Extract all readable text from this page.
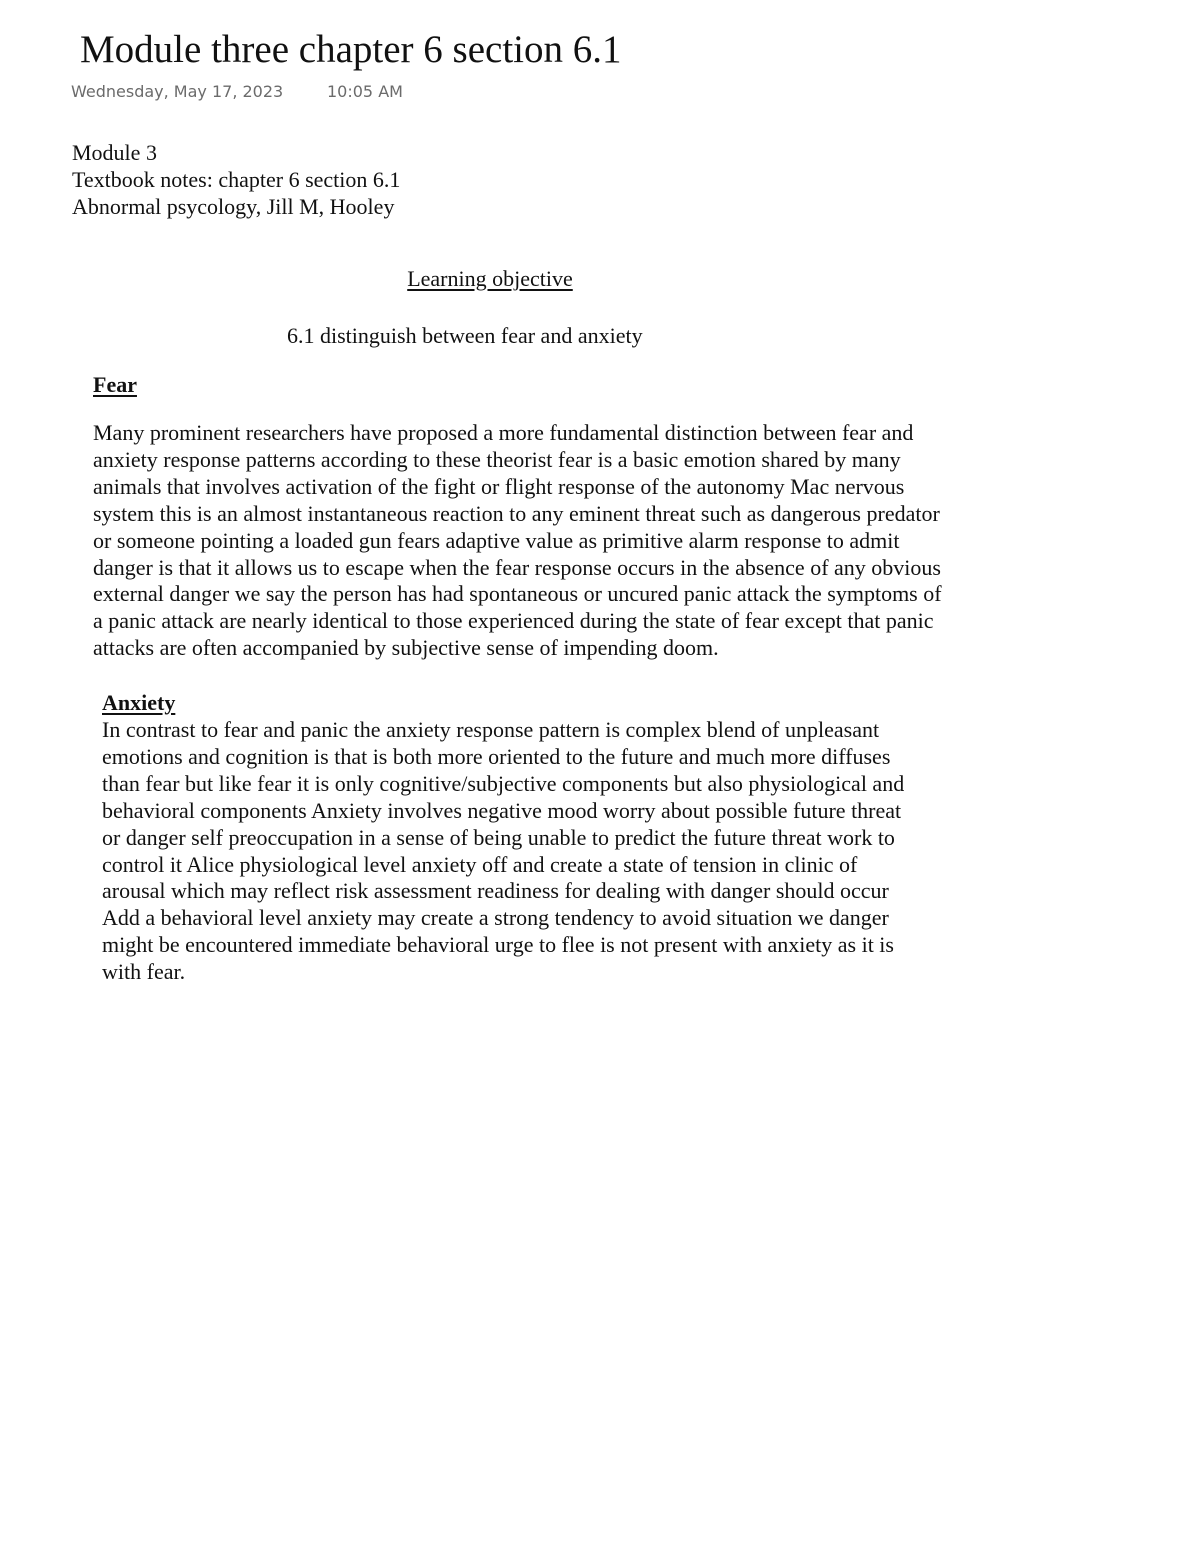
Module three chapter 6 section 6.1
Wednesday, May 17, 2023	10:05 AM
Module 3
Textbook notes: chapter 6 section 6.1
Abnormal psycology, Jill M, Hooley
Learning objective
6.1 distinguish between fear and anxiety
Fear

Many prominent researchers have proposed a more fundamental distinction between fear and
anxiety response patterns according to these theorist fear is a basic emotion shared by many
animals that involves activation of the fight or flight response of the autonomy Mac nervous
system this is an almost instantaneous reaction to any eminent threat such as dangerous predator
or someone pointing a loaded gun fears adaptive value as primitive alarm response to admit
danger is that it allows us to escape when the fear response occurs in the absence of any obvious
external danger we say the person has had spontaneous or uncured panic attack the symptoms of
a panic attack are nearly identical to those experienced during the state of fear except that panic
attacks are often accompanied by subjective sense of impending doom.

Anxiety

In contrast to fear and panic the anxiety response pattern is complex blend of unpleasant
emotions and cognition is that is both more oriented to the future and much more diffuses
than fear but like fear it is only cognitive/subjective components but also physiological and
behavioral components Anxiety involves negative mood worry about possible future threat
or danger self preoccupation in a sense of being unable to predict the future threat work to
control it Alice physiological level anxiety off and create a state of tension in clinic of
arousal which may reflect risk assessment readiness for dealing with danger should occur
Add a behavioral level anxiety may create a strong tendency to avoid situation we danger
might be encountered immediate behavioral urge to flee is not present with anxiety as it is
with fear.
